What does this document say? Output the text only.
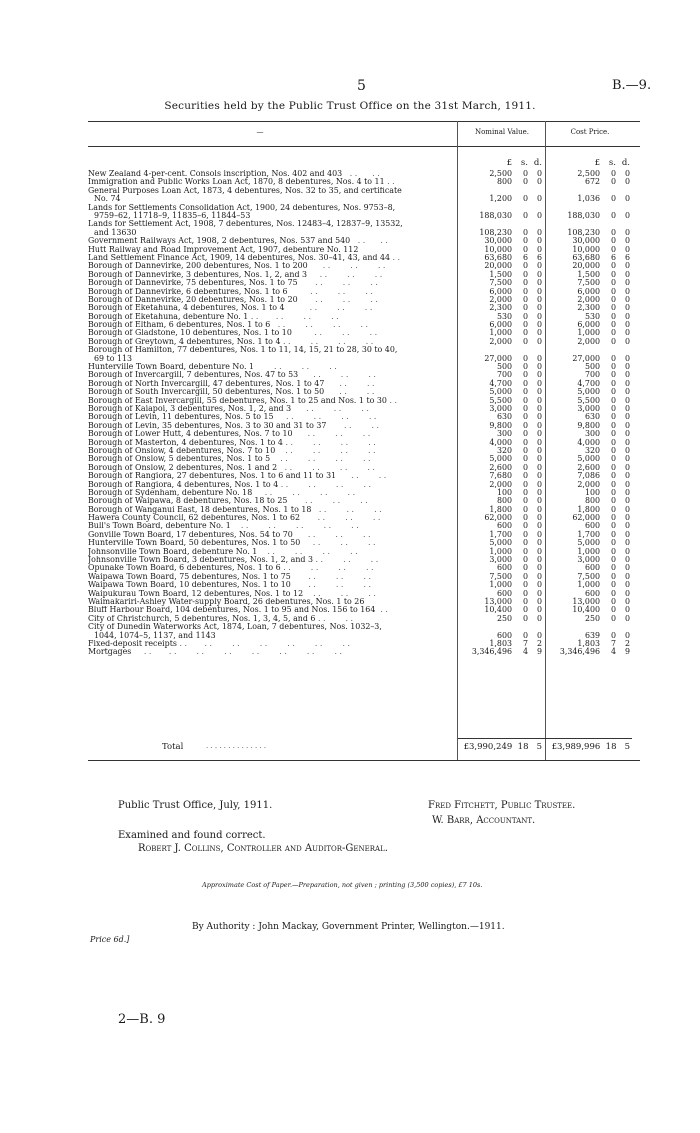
5	B.—9.
Securities held by the Public Trust Office on the 31st March, 1911.
—	Nominal Value.	Cost Price.
£	s. d.	£	s. d.
New Zealand 4-per-cent. Consols inscription, Nos. 402 and 403   . .      . .	2,500	0	0	2,500	0	0
Immigration and Public Works Loan Act, 1870, 8 debentures, Nos. 4 to 11 . .	800	0	0	672	0	0
General Purposes Loan Act, 1873, 4 debentures, Nos. 32 to 35, and certificate
No. 74	1,200	0	0	1,036	0	0
Lands for Settlements Consolidation Act, 1900, 24 debentures, Nos. 9753–8,
9759–62, 11718–9, 11835–6, 11844–53	188,030	0	0	188,030	0	0
Lands for Settlement Act, 1908, 7 debentures, Nos. 12483–4, 12837–9, 13532,
and 13630	108,230	0	0	108,230	0	0
Government Railways Act, 1908, 2 debentures, Nos. 537 and 540   . .      . .	30,000	0	0	30,000	0	0
Hutt Railway and Road Improvement Act, 1907, debenture No. 112	10,000	0	0	10,000	0	0
Land Settlement Finance Act, 1909, 14 debentures, Nos. 30–41, 43, and 44 . .	63,680	6	6	63,680	6	6
Borough of Dannevirke, 200 debentures, Nos. 1 to 200      . .        . .        . .	20,000	0	0	20,000	0	0
Borough of Dannevirke, 3 debentures, Nos. 1, 2, and 3     . .        . .        . .	1,500	0	0	1,500	0	0
Borough of Dannevirke, 75 debentures, Nos. 1 to 75       . .        . .        . .	7,500	0	0	7,500	0	0
Borough of Dannevirke, 6 debentures, Nos. 1 to 6         . .        . .        . .	6,000	0	0	6,000	0	0
Borough of Dannevirke, 20 debentures, Nos. 1 to 20       . .        . .        . .	2,000	0	0	2,000	0	0
Borough of Eketahuna, 4 debentures, Nos. 1 to 4          . .        . .        . .	2,300	0	0	2,300	0	0
Borough of Eketahuna, debenture No. 1 . .       . .        . .        . .	530	0	0	530	0	0
Borough of Eltham, 6 debentures, Nos. 1 to 6   . .        . .        . .        . .	6,000	0	0	6,000	0	0
Borough of Gladstone, 10 debentures, Nos. 1 to 10         . .        . .        . .	1,000	0	0	1,000	0	0
Borough of Greytown, 4 debentures, Nos. 1 to 4 . .        . .        . .        . .	2,000	0	0	2,000	0	0
Borough of Hamilton, 77 debentures, Nos. 1 to 11, 14, 15, 21 to 28, 30 to 40,
69 to 113	27,000	0	0	27,000	0	0
Hunterville Town Board, debenture No. 1        . .        . .        . .	500	0	0	500	0	0
Borough of Invercargill, 7 debentures, Nos. 47 to 53      . .        . .        . .	700	0	0	700	0	0
Borough of North Invercargill, 47 debentures, Nos. 1 to 47      . .        . .	4,700	0	0	4,700	0	0
Borough of South Invercargill, 50 debentures, Nos. 1 to 50      . .        . .	5,000	0	0	5,000	0	0
Borough of East Invercargill, 55 debentures, Nos. 1 to 25 and Nos. 1 to 30 . .	5,500	0	0	5,500	0	0
Borough of Kaiapoi, 3 debentures, Nos. 1, 2, and 3      . .        . .        . .	3,000	0	0	3,000	0	0
Borough of Levin, 11 debentures, Nos. 5 to 15     . .        . .        . .        . .	630	0	0	630	0	0
Borough of Levin, 35 debentures, Nos. 3 to 30 and 31 to 37       . .        . .	9,800	0	0	9,800	0	0
Borough of Lower Hutt, 4 debentures, Nos. 7 to 10      . .        . .        . .	300	0	0	300	0	0
Borough of Masterton, 4 debentures, Nos. 1 to 4 . .        . .        . .        . .	4,000	0	0	4,000	0	0
Borough of Onslow, 4 debentures, Nos. 7 to 10    . .        . .        . .        . .	320	0	0	320	0	0
Borough of Onslow, 5 debentures, Nos. 1 to 5    . .        . .        . .        . .	5,000	0	0	5,000	0	0
Borough of Onslow, 2 debentures, Nos. 1 and 2   . .        . .        . .        . .	2,600	0	0	2,600	0	0
Borough of Rangiora, 27 debentures, Nos. 1 to 6 and 11 to 31      . .        . .	7,680	0	0	7,086	0	0
Borough of Rangiora, 4 debentures, Nos. 1 to 4 . .        . .        . .        . .	2,000	0	0	2,000	0	0
Borough of Sydenham, debenture No. 18     . .        . .        . .        . .	100	0	0	100	0	0
Borough of Waipawa, 8 debentures, Nos. 18 to 25       . .        . .        . .	800	0	0	800	0	0
Borough of Wanganui East, 18 debentures, Nos. 1 to 18   . .        . .        . .	1,800	0	0	1,800	0	0
Hawera County Council, 62 debentures, Nos. 1 to 62       . .        . .        . .	62,000	0	0	62,000	0	0
Bull's Town Board, debenture No. 1    . .        . .        . .        . .        . .	600	0	0	600	0	0
Gonville Town Board, 17 debentures, Nos. 54 to 70      . .        . .        . .	1,700	0	0	1,700	0	0
Hunterville Town Board, 50 debentures, Nos. 1 to 50     . .        . .        . .	5,000	0	0	5,000	0	0
Johnsonville Town Board, debenture No. 1    . .        . .        . .        . .	1,000	0	0	1,000	0	0
Johnsonville Town Board, 3 debentures, Nos. 1, 2, and 3 . .        . .        . .	3,000	0	0	3,000	0	0
Opunake Town Board, 6 debentures, Nos. 1 to 6 . .        . .        . .        . .	600	0	0	600	0	0
Waipawa Town Board, 75 debentures, Nos. 1 to 75       . .        . .        . .	7,500	0	0	7,500	0	0
Waipawa Town Board, 10 debentures, Nos. 1 to 10       . .        . .        . .	1,000	0	0	1,000	0	0
Waipukurau Town Board, 12 debentures, Nos. 1 to 12    . .        . .        . .	600	0	0	600	0	0
Waimakariri-Ashley Water-supply Board, 26 debentures, Nos. 1 to 26	13,000	0	0	13,000	0	0
Bluff Harbour Board, 104 debentures, Nos. 1 to 95 and Nos. 156 to 164  . .	10,400	0	0	10,400	0	0
City of Christchurch, 5 debentures, Nos. 1, 3, 4, 5, and 6 . .        . .	250	0	0	250	0	0
City of Dunedin Waterworks Act, 1874, Loan, 7 debentures, Nos. 1032–3,
1044, 1074–5, 1137, and 1143	600	0	0	639	0	0
Fixed-deposit receipts . .       . .        . .        . .        . .        . .        . .	1,803	7	2	1,803	7	2
Mortgages     . .       . .        . .        . .        . .        . .        . .        . .	3,346,496	4	9	3,346,496	4	9
Total	. . . . . . . . . . . . . .	£3,990,249  18   5	£3,989,996  18   5
Public Trust Office, July, 1911.	Fred Fitchett, Public Trustee.
W. Barr, Accountant.
Examined and found correct.
Robert J. Collins, Controller and Auditor-General.
Approximate Cost of Paper.—Preparation, not given ; printing (3,500 copies), £7 10s.
By Authority : John Mackay, Government Printer, Wellington.—1911.
Price 6d.]
2—B. 9
